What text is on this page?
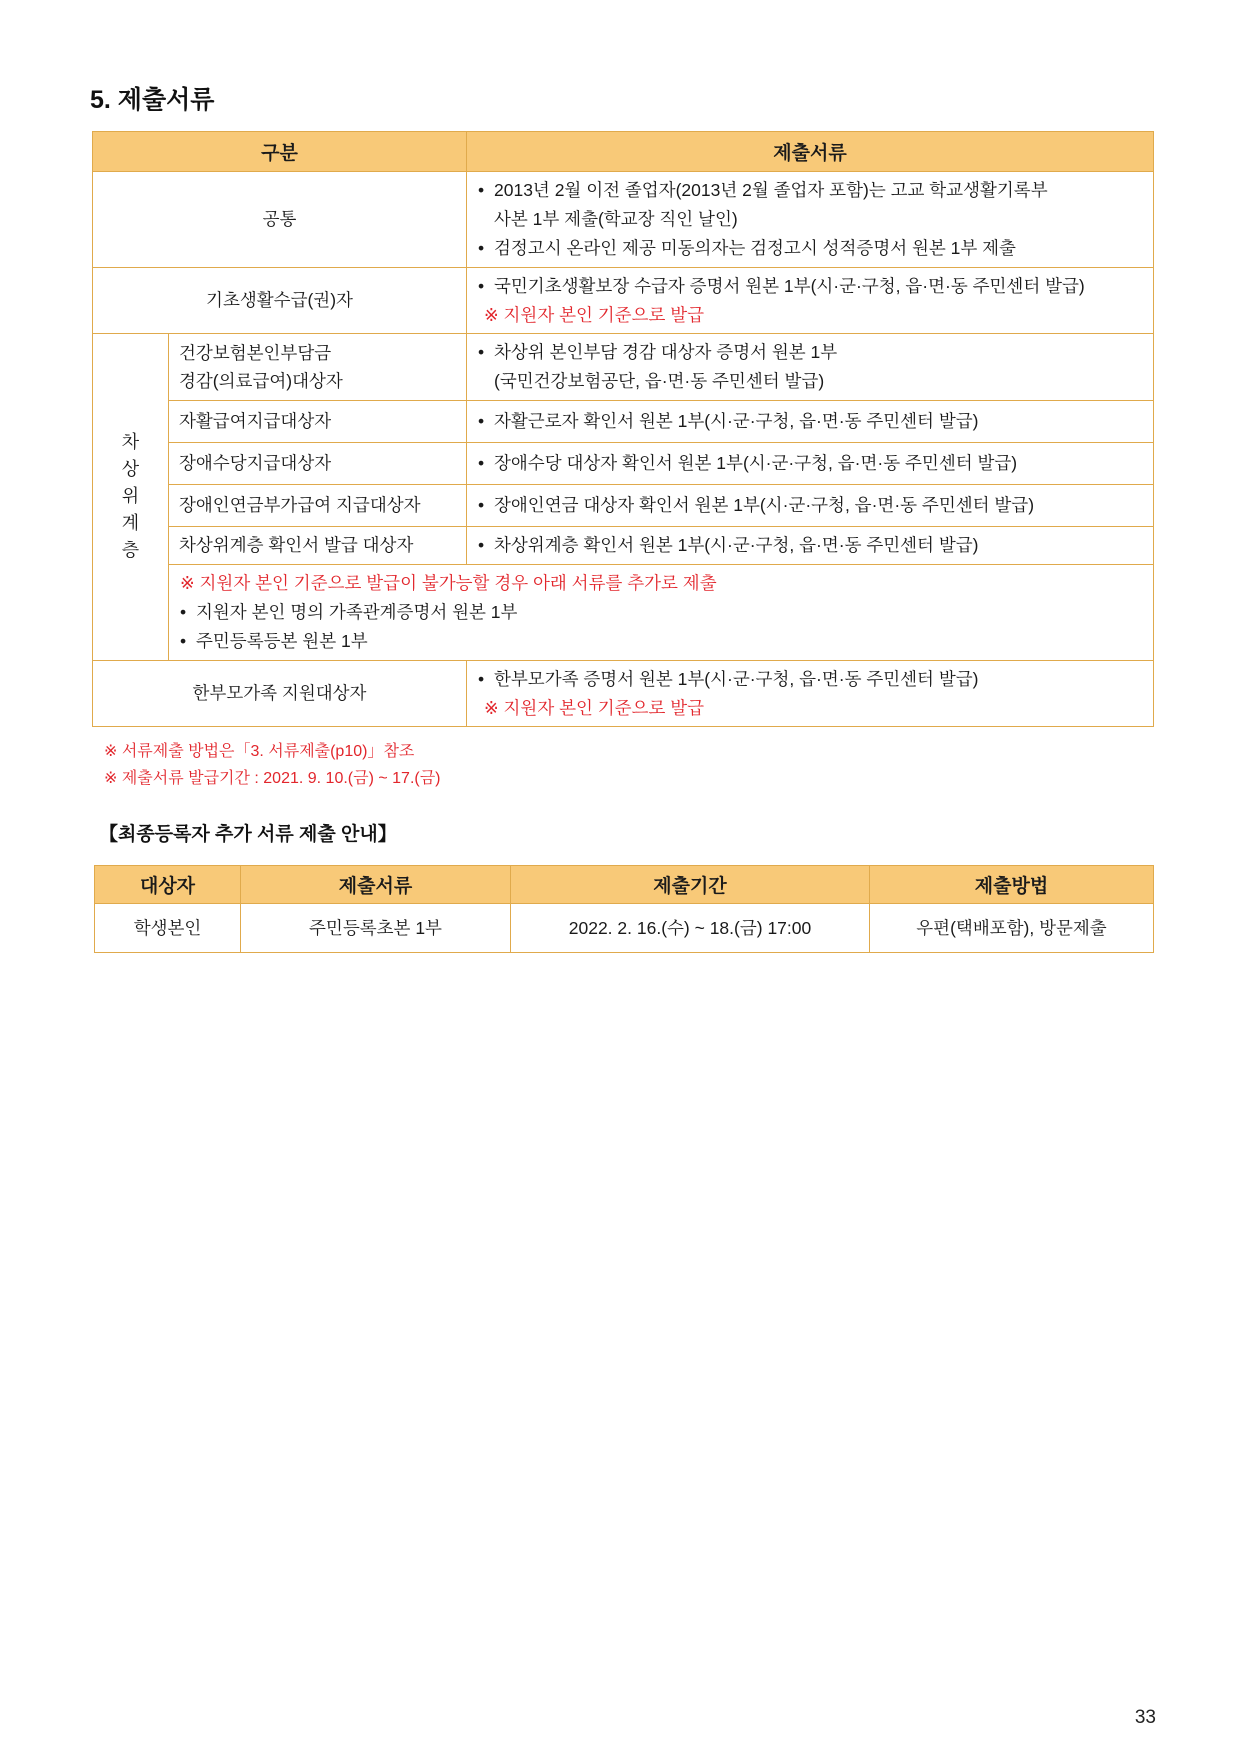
5. 제출서류
구분		제출서류
공통		• 2013년 2월 이전 졸업자(2013년 2월 졸업자 포함)는 고교 학교생활기록부
사본 1부 제출(학교장 직인 날인)
• 검정고시 온라인 제공 미동의자는 검정고시 성적증명서 원본 1부 제출

기초생활수급(권)자		• 국민기초생활보장 수급자 증명서 원본 1부(시·군·구청, 읍·면·동 주민센터 발급)
※ 지원자 본인 기준으로 발급

차상위계층	건강보험본인부담금
경감(의료급여)대상자	• 차상위 본인부담 경감 대상자 증명서 원본 1부
(국민건강보험공단, 읍·면·동 주민센터 발급)

	자활급여지급대상자	• 자활근로자 확인서 원본 1부(시·군·구청, 읍·면·동 주민센터 발급)

	장애수당지급대상자	• 장애수당 대상자 확인서 원본 1부(시·군·구청, 읍·면·동 주민센터 발급)

	장애인연금부가급여 지급대상자	• 장애인연금 대상자 확인서 원본 1부(시·군·구청, 읍·면·동 주민센터 발급)

	차상위계층 확인서 발급 대상자	• 차상위계층 확인서 원본 1부(시·군·구청, 읍·면·동 주민센터 발급)

	※ 지원자 본인 기준으로 발급이 불가능할 경우 아래 서류를 추가로 제출
• 지원자 본인 명의 가족관계증명서 원본 1부
• 주민등록등본 원본 1부	

한부모가족 지원대상자		• 한부모가족 증명서 원본 1부(시·군·구청, 읍·면·동 주민센터 발급)
※ 지원자 본인 기준으로 발급

※ 서류제출 방법은「3. 서류제출(p10)」참조

※ 제출서류 발급기간 : 2021. 9. 10.(금) ~ 17.(금)

【최종등록자 추가 서류 제출 안내】
대상자	제출서류	제출기간	제출방법
학생본인	주민등록초본 1부	2022. 2. 16.(수) ~ 18.(금) 17:00	우편(택배포함), 방문제출
33
